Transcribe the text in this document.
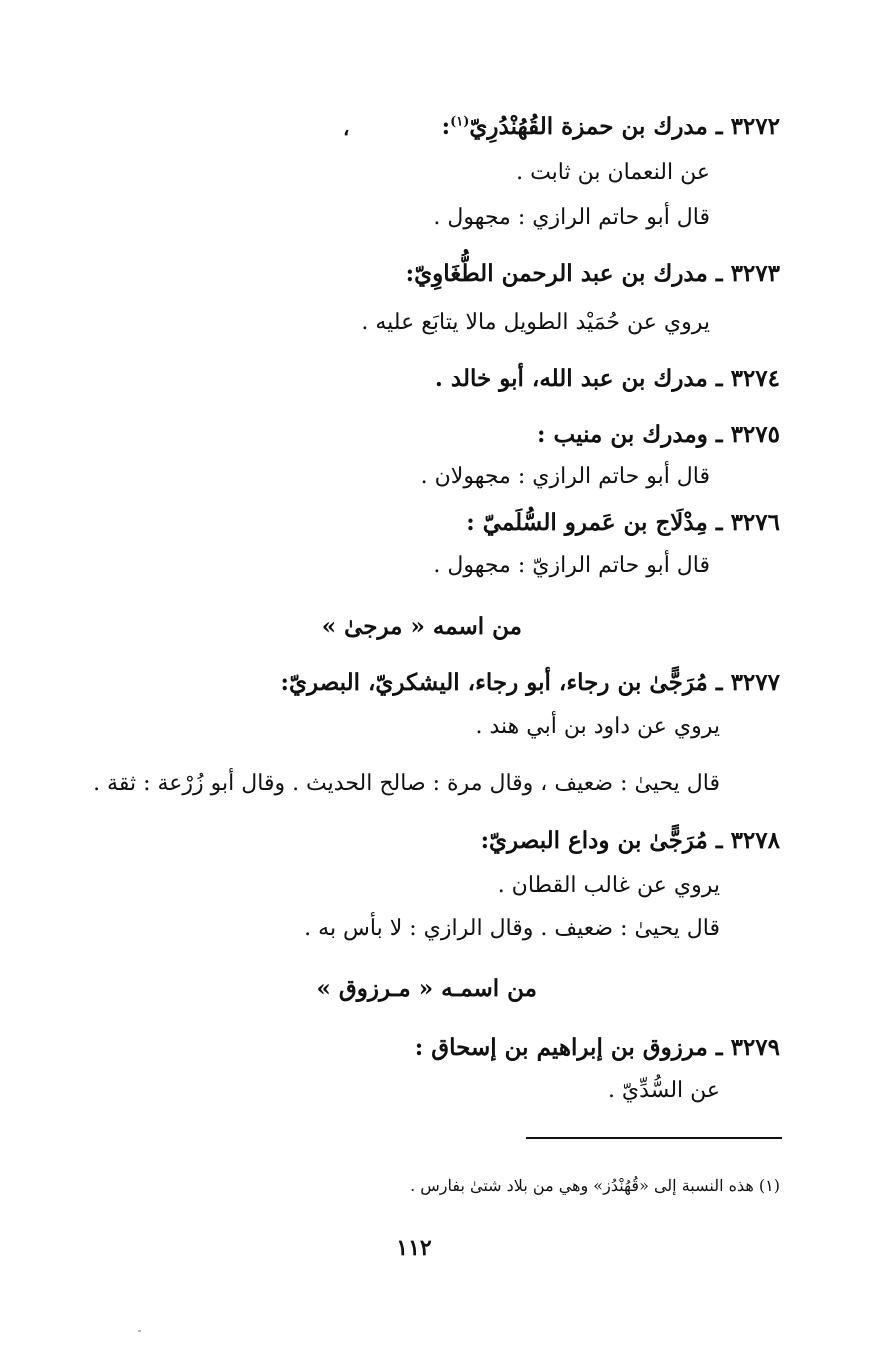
٣٢٧٢ ـ مدرك بن حمزة القُهُنْدُرِيّ$^{(١)}$:
،
عن النعمان بن ثابت .
قال أبو حاتم الرازي : مجهول .
٣٢٧٣ ـ مدرك بن عبد الرحمن الطُّغَاوِيّ:
يروي عن حُمَيْد الطويل مالا يتابَع عليه .
٣٢٧٤ ـ مدرك بن عبد الله، أبو خالد .
٣٢٧٥ ـ ومدرك بن منيب :
قال أبو حاتم الرازي : مجهولان .
٣٢٧٦ ـ مِدْلَاج بن عَمرو السُّلَميّ :
قال أبو حاتم الرازيّ : مجهول .
من اسمه « مرجىٰ »
٣٢٧٧ ـ مُرَجًّىٰ بن رجاء، أبو رجاء، اليشكريّ، البصريّ:
يروي عن داود بن أبي هند .
قال يحيىٰ : ضعيف ، وقال مرة : صالح الحديث . وقال أبو زُرْعة : ثقة .
٣٢٧٨ ـ مُرَجًّىٰ بن وداع البصريّ:
يروي عن غالب القطان .
قال يحيىٰ : ضعيف . وقال الرازي : لا بأس به .
من اسمـه « مـرزوق »
٣٢٧٩ ـ مرزوق بن إبراهيم بن إسحاق :
عن السُّدِّيّ .
(١) هذه النسبة إلى «قُهُنْدُز» وهي من بلاد شتىٰ بفارس .
١١٢
